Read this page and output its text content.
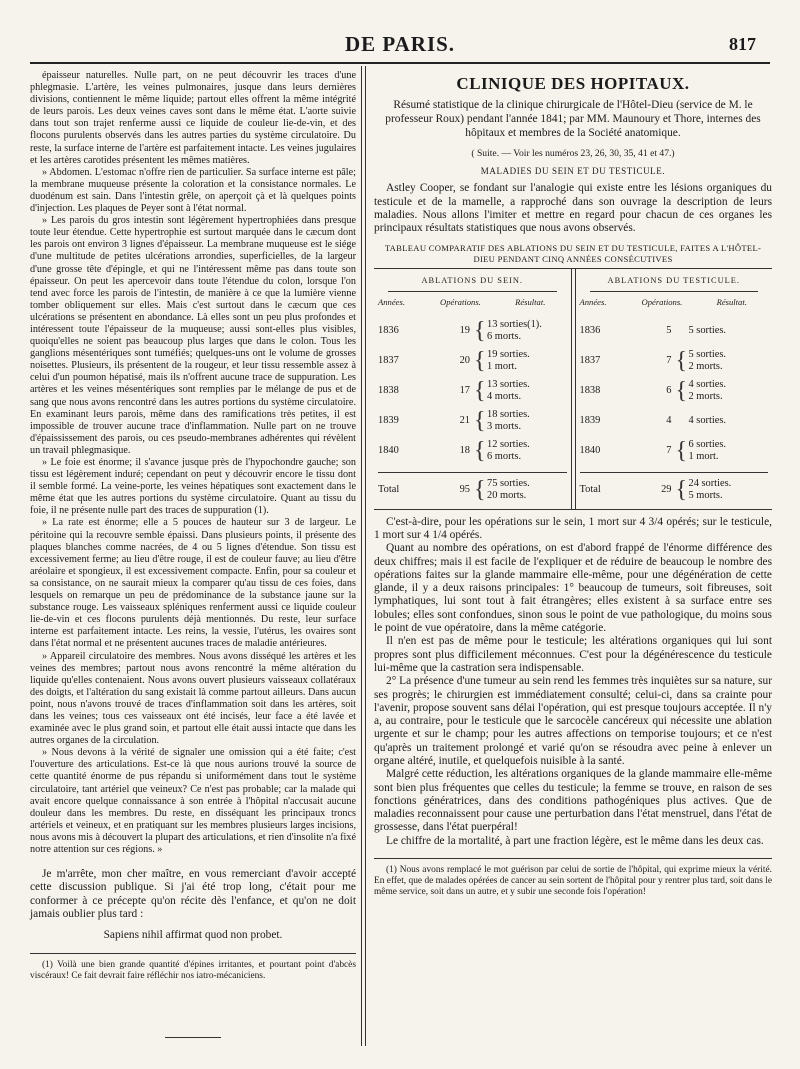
DE PARIS.	817

épaisseur naturelles. Nulle part, on ne peut découvrir les traces d'une phlegmasie. L'artère, les veines pulmonaires, jusque dans leurs dernières divisions, contiennent le même liquide; partout elles offrent la même intégrité de leurs parois. Les deux veines caves sont dans le même état. L'aorte suivie dans tout son trajet renferme aussi ce liquide de couleur lie-de-vin, et des flocons purulents observés dans les autres parties du système circulatoire. Du reste, la surface interne de l'artère est parfaitement intacte. Les veines jugulaires et les artères carotides présentent les mêmes matières.

» Abdomen. L'estomac n'offre rien de particulier. Sa surface interne est pâle; la membrane muqueuse présente la coloration et la consistance normales. Le duodénum est sain. Dans l'intestin grêle, on aperçoit çà et là quelques points d'injection. Les plaques de Peyer sont à l'état normal.

» Les parois du gros intestin sont légèrement hypertrophiées dans presque toute leur étendue. Cette hypertrophie est surtout marquée dans le cæcum dont les parois ont environ 3 lignes d'épaisseur. La membrane muqueuse est le siége d'une multitude de petites ulcérations arrondies, superficielles, de la largeur d'une grosse tête d'épingle, et qui ne l'intéressent même pas dans toute son épaisseur. On peut les apercevoir dans toute l'étendue du colon, lorsque l'on tend avec force les parois de l'intestin, de manière à ce que la lumière vienne tomber obliquement sur elles. Mais c'est surtout dans le cæcum que ces ulcérations se présentent en abondance. Là elles sont un peu plus profondes et intéressent toute l'épaisseur de la muqueuse; aussi sont-elles plus visibles, quoiqu'elles ne soient pas beaucoup plus larges que dans le colon. Tous les ganglions mésentériques sont tuméfiés; quelques-uns ont le volume de grosses noisettes. Plusieurs, ils présentent de la rougeur, et leur tissu ressemble assez à celui d'un poumon hépatisé, mais ils n'offrent aucune trace de suppuration. Les artères et les veines mésentériques sont remplies par le mélange de pus et de sang que nous avons rencontré dans les autres portions du système circulatoire. En examinant leurs parois, même dans des ramifications très petites, il est impossible de trouver aucune trace d'inflammation. Nulle part on ne trouve d'épaississement des parois, ou ces pseudo-membranes adhérentes qui révèlent un travail phlegmasique.

» Le foie est énorme; il s'avance jusque près de l'hypochondre gauche; son tissu est légèrement induré; cependant on peut y découvrir encore le tissu dont il semble formé. La veine-porte, les veines hépatiques sont exactement dans le même état que les autres portions du système circulatoire. Quant au tissu du foie, il ne présente nulle part des traces de suppuration (1).

» La rate est énorme; elle a 5 pouces de hauteur sur 3 de largeur. Le péritoine qui la recouvre semble épaissi. Dans plusieurs points, il présente des plaques blanches comme nacrées, de 4 ou 5 lignes d'étendue. Son tissu est excessivement ferme; au lieu d'être rouge, il est de couleur fauve; au lieu d'être aréolaire et spongieux, il est excessivement compacte. Enfin, pour sa couleur et sa consistance, on ne saurait mieux la comparer qu'au tissu de ces foies, dans lesquels on remarque un peu de prédominance de la substance jaune sur la substance rouge. Les vaisseaux spléniques renferment aussi ce liquide couleur lie-de-vin et ces flocons purulents déjà mentionnés. Du reste, leur surface interne est parfaitement intacte. Les reins, la vessie, l'utérus, les ovaires sont dans l'état normal et ne présentent aucunes traces de maladie antérieures.

» Appareil circulatoire des membres. Nous avons disséqué les artères et les veines des membres; partout nous avons rencontré la même altération du liquide qu'elles contenaient. Nous avons ouvert plusieurs vaisseaux collatéraux des doigts, et l'altération du sang existait là comme partout ailleurs. Dans aucun point, nous n'avons trouvé de traces d'inflammation soit dans les artères, soit dans les veines; tous ces vaisseaux ont été incisés, leur face a été lavée et examinée avec le plus grand soin, et partout elle était aussi intacte que dans les autres organes de la circulation.

» Nous devons à la vérité de signaler une omission qui a été faite; c'est l'ouverture des articulations. Est-ce là que nous aurions trouvé la source de cette quantité énorme de pus répandu si uniformément dans tout le système circulatoire, tant artériel que veineux? Ce n'est pas probable; car la malade qui avait encore quelque connaissance à son entrée à l'hôpital n'accusait aucune douleur dans les membres. Du reste, en disséquant les principaux troncs artériels et veineux, et en pratiquant sur les membres plusieurs larges incisions, nous avons mis à découvert la plupart des articulations, et rien d'insolite n'a fixé notre attention sur ces régions. »

Je m'arrête, mon cher maître, en vous remerciant d'avoir accepté cette discussion publique. Si j'ai été trop long, c'était pour me conformer à ce précepte qu'on récite dès l'enfance, et qu'on ne doit jamais oublier plus tard :

Sapiens nihil affirmat quod non probet.

(1) Voilà une bien grande quantité d'épines irritantes, et pourtant point d'abcès viscéraux! Ce fait devrait faire réfléchir nos iatro-mécaniciens.

CLINIQUE DES HOPITAUX.

Résumé statistique de la clinique chirurgicale de l'Hôtel-Dieu (service de M. le professeur Roux) pendant l'année 1841; par MM. Maunoury et Thore, internes des hôpitaux et membres de la Société anatomique.

( Suite. — Voir les numéros 23, 26, 30, 35, 41 et 47.)

MALADIES DU SEIN ET DU TESTICULE.

Astley Cooper, se fondant sur l'analogie qui existe entre les lésions organiques du testicule et de la mamelle, a rapproché dans son ouvrage la description de leurs maladies. Nous allons l'imiter et mettre en regard pour chacun de ces organes les principaux résultats statistiques que nous avons observés.

TABLEAU COMPARATIF DES ABLATIONS DU SEIN ET DU TESTICULE, FAITES A L'HÔTEL-DIEU PENDANT CINQ ANNÉES CONSÉCUTIVES
ABLATIONS DU SEIN.
Années.	Opérations.	Résultat.
1836	19 { 13 sorties(1).
6 morts.
1837	20 { 19 sorties.
1 mort.
1838	17 { 13 sorties.
4 morts.
1839	21 { 18 sorties.
3 morts.
1840	18 { 12 sorties.
6 morts.
Total	95 { 75 sorties.
20 morts.
ABLATIONS DU TESTICULE.
Années.	Opérations.	Résultat.
1836	5	5 sorties.
1837	7 { 5 sorties.
2 morts.
1838	6 { 4 sorties.
2 morts.
1839	4	4 sorties.
1840	7 { 6 sorties.
1 mort.
Total	29 { 24 sorties.
5 morts.

C'est-à-dire, pour les opérations sur le sein, 1 mort sur 4 3/4 opérés; sur le testicule, 1 mort sur 4 1/4 opérés.

Quant au nombre des opérations, on est d'abord frappé de l'énorme différence des deux chiffres; mais il est facile de l'expliquer et de réduire de beaucoup le nombre des opérations faites sur la glande mammaire elle-même, pour une dégénération de cette glande, il y a deux raisons principales: 1° beaucoup de tumeurs, soit fibreuses, soit lymphatiques, lui sont tout à fait étrangères; elles existent à sa surface entre ses lobules; elles sont confondues, sinon sous le point de vue pathologique, du moins sous le point de vue opératoire, dans la même catégorie.

Il n'en est pas de même pour le testicule; les altérations organiques qui lui sont propres sont plus difficilement méconnues. C'est pour la dégénérescence du testicule lui-même que la castration sera indispensable.

2° La présence d'une tumeur au sein rend les femmes très inquiètes sur sa nature, sur ses progrès; le chirurgien est immédiatement consulté; celui-ci, dans sa crainte pour l'avenir, propose souvent sans délai l'opération, qui est presque toujours acceptée. Il n'y a, au contraire, pour le testicule que le sarcocèle cancéreux qui nécessite une ablation urgente et sur le champ; pour les autres affections on temporise toujours; et ce n'est qu'après un traitement prolongé et varié qu'on se résoudra avec peine à enlever un organe altéré, inutile, et quelquefois nuisible à la santé.

Malgré cette réduction, les altérations organiques de la glande mammaire elle-même sont bien plus fréquentes que celles du testicule; la femme se trouve, en raison de ses fonctions génératrices, dans des conditions pathogéniques plus actives. Que de maladies reconnaissent pour cause une perturbation dans l'état menstruel, dans l'état de grossesse, dans l'état puerpéral!

Le chiffre de la mortalité, à part une fraction légère, est le même dans les deux cas.

(1) Nous avons remplacé le mot guérison par celui de sortie de l'hôpital, qui exprime mieux la vérité. En effet, que de malades opérées de cancer au sein sortent de l'hôpital pour y rentrer plus tard, soit dans le même service, soit dans un autre, et y subir une seconde fois l'opération!
